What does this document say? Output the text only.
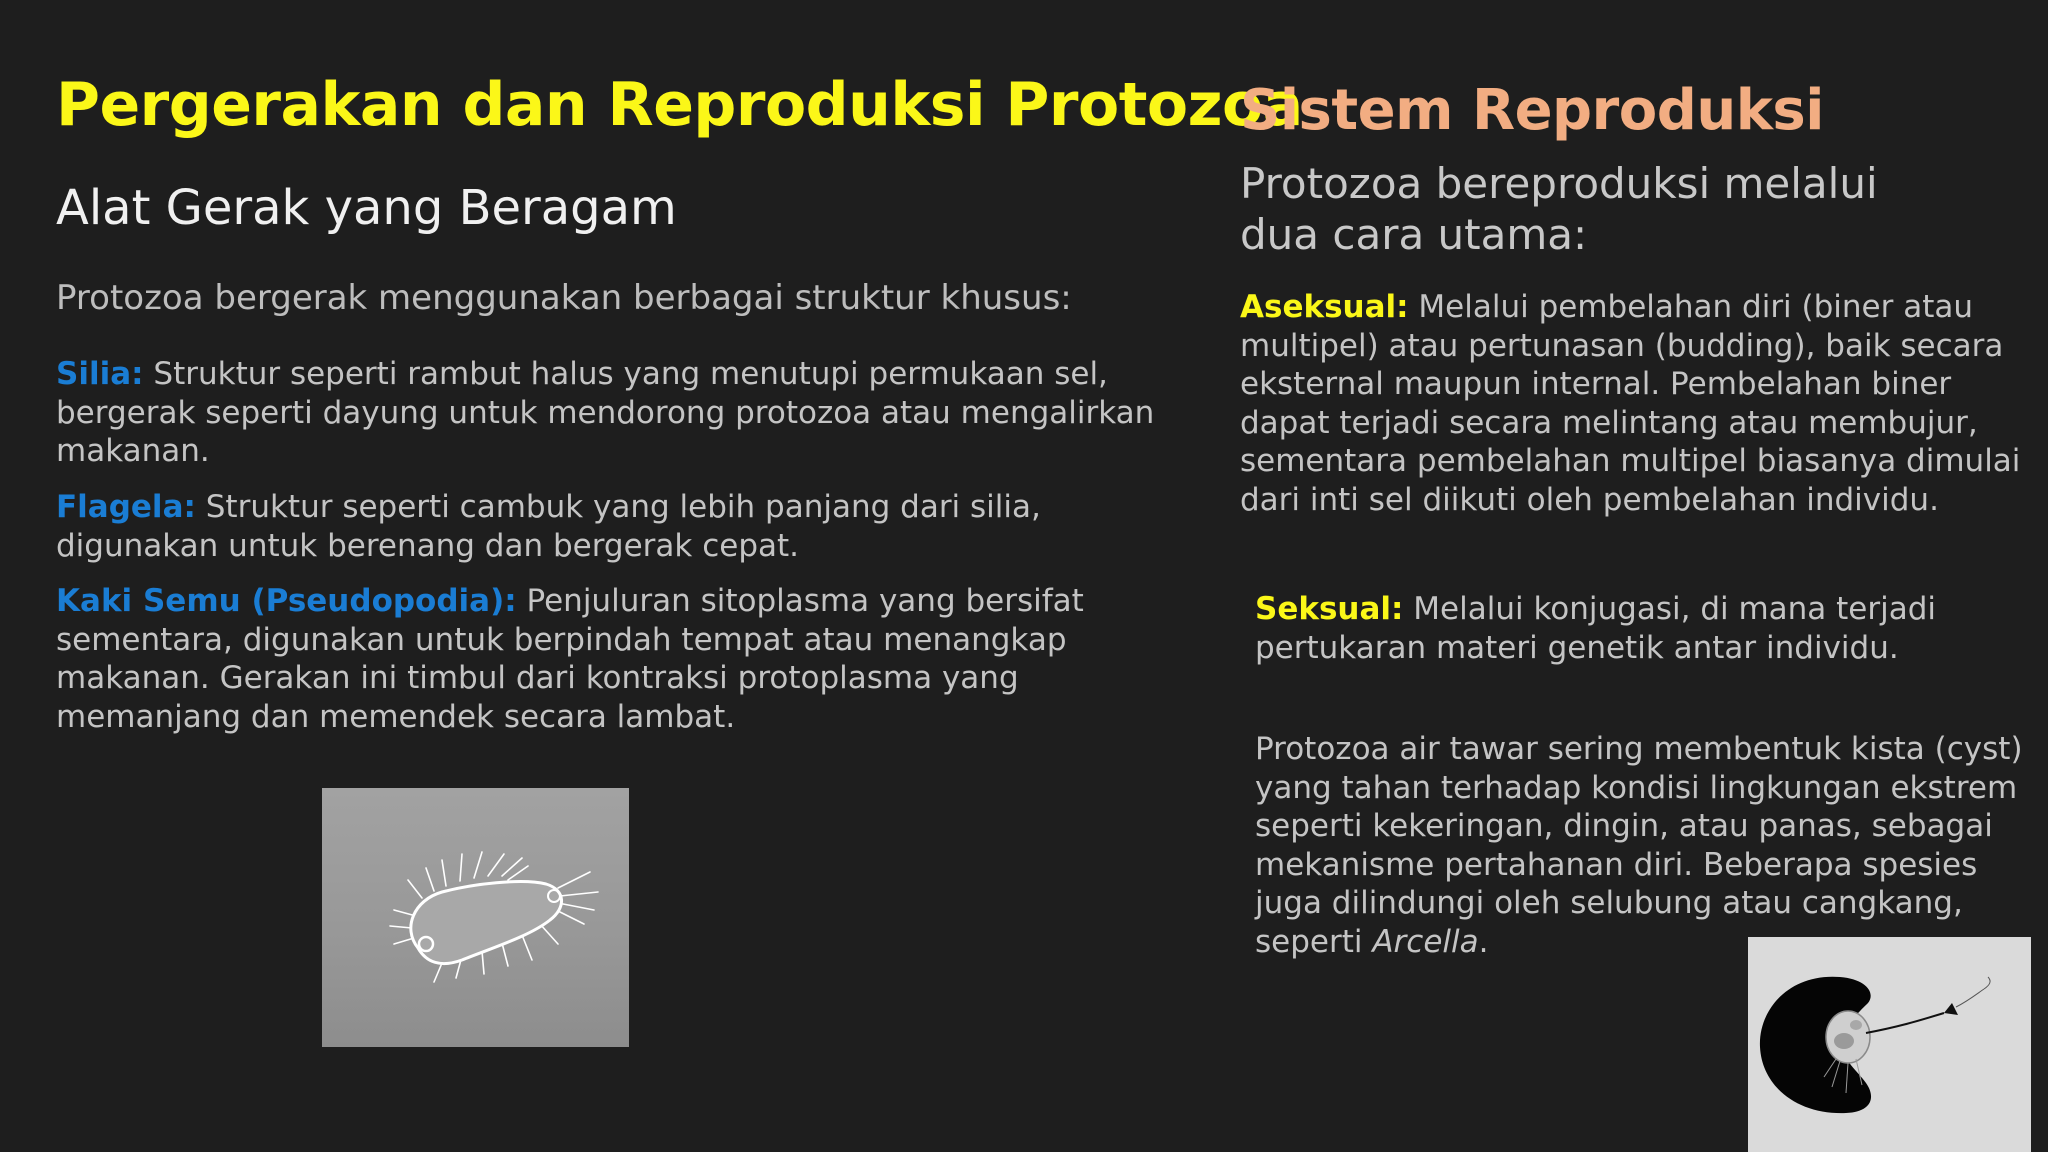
Pergerakan dan Reproduksi Protozoa
Sistem Reproduksi
Alat Gerak yang Beragam
Protozoa bergerak menggunakan berbagai struktur khusus:
Silia: Struktur seperti rambut halus yang menutupi permukaan sel, bergerak seperti dayung untuk mendorong protozoa atau mengalirkan makanan.
Flagela: Struktur seperti cambuk yang lebih panjang dari silia, digunakan untuk berenang dan bergerak cepat.
Kaki Semu (Pseudopodia): Penjuluran sitoplasma yang bersifat sementara, digunakan untuk berpindah tempat atau menangkap makanan. Gerakan ini timbul dari kontraksi protoplasma yang memanjang dan memendek secara lambat.
Protozoa bereproduksi melalui dua cara utama:
Aseksual: Melalui pembelahan diri (biner atau multipel) atau pertunasan (budding), baik secara eksternal maupun internal. Pembelahan biner dapat terjadi secara melintang atau membujur, sementara pembelahan multipel biasanya dimulai dari inti sel diikuti oleh pembelahan individu.
Seksual: Melalui konjugasi, di mana terjadi pertukaran materi genetik antar individu.
Protozoa air tawar sering membentuk kista (cyst) yang tahan terhadap kondisi lingkungan ekstrem seperti kekeringan, dingin, atau panas, sebagai mekanisme pertahanan diri. Beberapa spesies juga dilindungi oleh selubung atau cangkang, seperti Arcella.
